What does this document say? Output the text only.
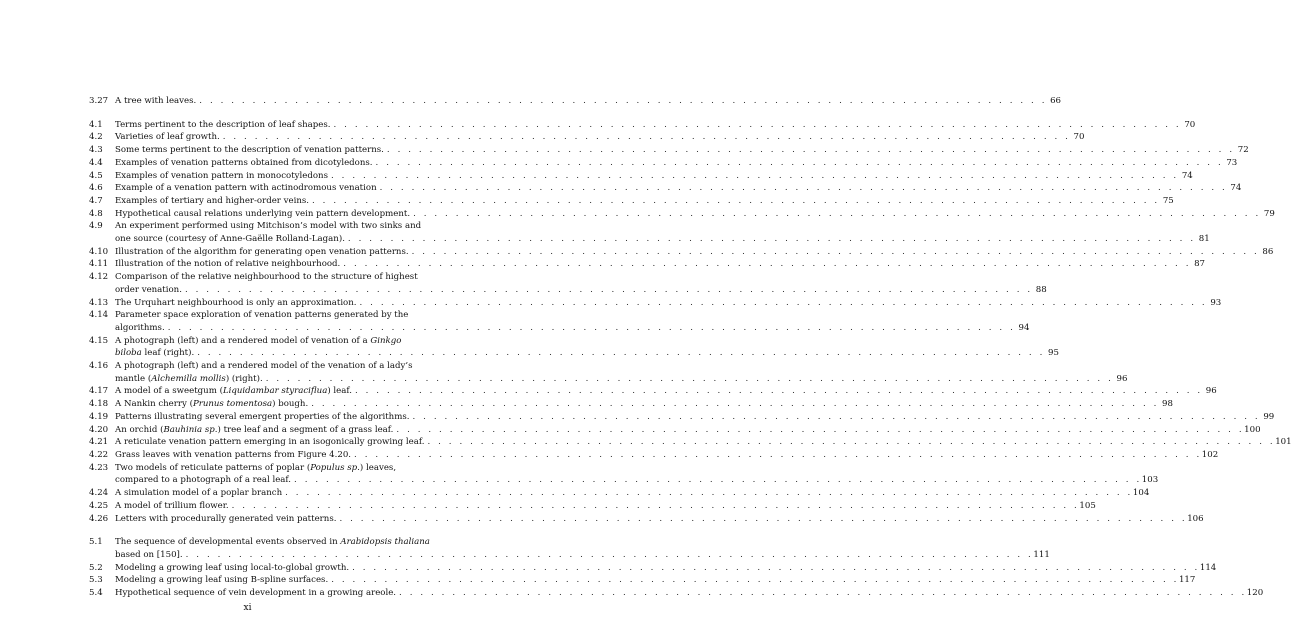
3.27 A tree with leaves. . . . . . . . . . . . . . . . . . . . . . . . . . . . . . . . . . . . . . . . . . . . . . . . . . . . . . . . . . . . . . . . . . . . . . . . . . . . . . . . . 66
4.1	Terms pertinent to the description of leaf shapes. . . . . . . . . . . . . . . . . . . . . . . . . . . . . . . . . . . . . . . . . . . . . . . . . . . . . . . . . . . . . . . . . . . . . . . . . . . . . . . . . 70
4.2	Varieties of leaf growth. . . . . . . . . . . . . . . . . . . . . . . . . . . . . . . . . . . . . . . . . . . . . . . . . . . . . . . . . . . . . . . . . . . . . . . . . . . . . . . . . 70
4.3	Some terms pertinent to the description of venation patterns. . . . . . . . . . . . . . . . . . . . . . . . . . . . . . . . . . . . . . . . . . . . . . . . . . . . . . . . . . . . . . . . . . . . . . . . . . . . . . . . . 72
4.4	Examples of venation patterns obtained from dicotyledons. . . . . . . . . . . . . . . . . . . . . . . . . . . . . . . . . . . . . . . . . . . . . . . . . . . . . . . . . . . . . . . . . . . . . . . . . . . . . . . . . 73
4.5	Examples of venation pattern in monocotyledons . . . . . . . . . . . . . . . . . . . . . . . . . . . . . . . . . . . . . . . . . . . . . . . . . . . . . . . . . . . . . . . . . . . . . . . . . . . . . . . . 74
4.6	Example of a venation pattern with actinodromous venation . . . . . . . . . . . . . . . . . . . . . . . . . . . . . . . . . . . . . . . . . . . . . . . . . . . . . . . . . . . . . . . . . . . . . . . . . . . . . . . . 74
4.7	Examples of tertiary and higher-order veins. . . . . . . . . . . . . . . . . . . . . . . . . . . . . . . . . . . . . . . . . . . . . . . . . . . . . . . . . . . . . . . . . . . . . . . . . . . . . . . . . 75
4.8	Hypothetical causal relations underlying vein pattern development. . . . . . . . . . . . . . . . . . . . . . . . . . . . . . . . . . . . . . . . . . . . . . . . . . . . . . . . . . . . . . . . . . . . . . . . . . . . . . . . . 79
4.9	An experiment performed using Mitchison’s model with two sinks and
one source (courtesy of Anne-Gaëlle Rolland-Lagan). . . . . . . . . . . . . . . . . . . . . . . . . . . . . . . . . . . . . . . . . . . . . . . . . . . . . . . . . . . . . . . . . . . . . . . . . . . . . . . . . 81
4.10 Illustration of the algorithm for generating open venation patterns. . . . . . . . . . . . . . . . . . . . . . . . . . . . . . . . . . . . . . . . . . . . . . . . . . . . . . . . . . . . . . . . . . . . . . . . . . . . . . . . . 86
4.11 Illustration of the notion of relative neighbourhood. . . . . . . . . . . . . . . . . . . . . . . . . . . . . . . . . . . . . . . . . . . . . . . . . . . . . . . . . . . . . . . . . . . . . . . . . . . . . . . . . 87
4.12 Comparison of the relative neighbourhood to the structure of highest
order venation. . . . . . . . . . . . . . . . . . . . . . . . . . . . . . . . . . . . . . . . . . . . . . . . . . . . . . . . . . . . . . . . . . . . . . . . . . . . . . . . . 88
4.13 The Urquhart neighbourhood is only an approximation. . . . . . . . . . . . . . . . . . . . . . . . . . . . . . . . . . . . . . . . . . . . . . . . . . . . . . . . . . . . . . . . . . . . . . . . . . . . . . . . . 93
4.14 Parameter space exploration of venation patterns generated by the
algorithms. . . . . . . . . . . . . . . . . . . . . . . . . . . . . . . . . . . . . . . . . . . . . . . . . . . . . . . . . . . . . . . . . . . . . . . . . . . . . . . . . 94
4.15 A photograph (left) and a rendered model of venation of a Ginkgo
biloba leaf (right). . . . . . . . . . . . . . . . . . . . . . . . . . . . . . . . . . . . . . . . . . . . . . . . . . . . . . . . . . . . . . . . . . . . . . . . . . . . . . . . . 95
4.16 A photograph (left) and a rendered model of the venation of a lady’s
mantle (Alchemilla mollis) (right). . . . . . . . . . . . . . . . . . . . . . . . . . . . . . . . . . . . . . . . . . . . . . . . . . . . . . . . . . . . . . . . . . . . . . . . . . . . . . . . . 96
4.17 A model of a sweetgum (Liquidambar styraciflua) leaf. . . . . . . . . . . . . . . . . . . . . . . . . . . . . . . . . . . . . . . . . . . . . . . . . . . . . . . . . . . . . . . . . . . . . . . . . . . . . . . . . 96
4.18 A Nankin cherry (Prunus tomentosa) bough. . . . . . . . . . . . . . . . . . . . . . . . . . . . . . . . . . . . . . . . . . . . . . . . . . . . . . . . . . . . . . . . . . . . . . . . . . . . . . . . . 98
4.19 Patterns illustrating several emergent properties of the algorithms. . . . . . . . . . . . . . . . . . . . . . . . . . . . . . . . . . . . . . . . . . . . . . . . . . . . . . . . . . . . . . . . . . . . . . . . . . . . . . . . . 99
4.20 An orchid (Bauhinia sp.) tree leaf and a segment of a grass leaf. . . . . . . . . . . . . . . . . . . . . . . . . . . . . . . . . . . . . . . . . . . . . . . . . . . . . . . . . . . . . . . . . . . . . . . . . . . . . . . . . 100
4.21 A reticulate venation pattern emerging in an isogonically growing leaf. . . . . . . . . . . . . . . . . . . . . . . . . . . . . . . . . . . . . . . . . . . . . . . . . . . . . . . . . . . . . . . . . . . . . . . . . . . . . . . . . 101
4.22 Grass leaves with venation patterns from Figure 4.20. . . . . . . . . . . . . . . . . . . . . . . . . . . . . . . . . . . . . . . . . . . . . . . . . . . . . . . . . . . . . . . . . . . . . . . . . . . . . . . . . 102
4.23 Two models of reticulate patterns of poplar (Populus sp.) leaves,
compared to a photograph of a real leaf. . . . . . . . . . . . . . . . . . . . . . . . . . . . . . . . . . . . . . . . . . . . . . . . . . . . . . . . . . . . . . . . . . . . . . . . . . . . . . . . . 103
4.24 A simulation model of a poplar branch . . . . . . . . . . . . . . . . . . . . . . . . . . . . . . . . . . . . . . . . . . . . . . . . . . . . . . . . . . . . . . . . . . . . . . . . . . . . . . . . 104
4.25 A model of trillium flower. . . . . . . . . . . . . . . . . . . . . . . . . . . . . . . . . . . . . . . . . . . . . . . . . . . . . . . . . . . . . . . . . . . . . . . . . . . . . . . . . 105
4.26 Letters with procedurally generated vein patterns. . . . . . . . . . . . . . . . . . . . . . . . . . . . . . . . . . . . . . . . . . . . . . . . . . . . . . . . . . . . . . . . . . . . . . . . . . . . . . . . . 106
5.1	The sequence of developmental events observed in Arabidopsis thaliana
based on [150]. . . . . . . . . . . . . . . . . . . . . . . . . . . . . . . . . . . . . . . . . . . . . . . . . . . . . . . . . . . . . . . . . . . . . . . . . . . . . . . . . 111
5.2	Modeling a growing leaf using local-to-global growth. . . . . . . . . . . . . . . . . . . . . . . . . . . . . . . . . . . . . . . . . . . . . . . . . . . . . . . . . . . . . . . . . . . . . . . . . . . . . . . . . 114
5.3	Modeling a growing leaf using B-spline surfaces. . . . . . . . . . . . . . . . . . . . . . . . . . . . . . . . . . . . . . . . . . . . . . . . . . . . . . . . . . . . . . . . . . . . . . . . . . . . . . . . . 117
5.4	Hypothetical sequence of vein development in a growing areole. . . . . . . . . . . . . . . . . . . . . . . . . . . . . . . . . . . . . . . . . . . . . . . . . . . . . . . . . . . . . . . . . . . . . . . . . . . . . . . . . 120
xi
